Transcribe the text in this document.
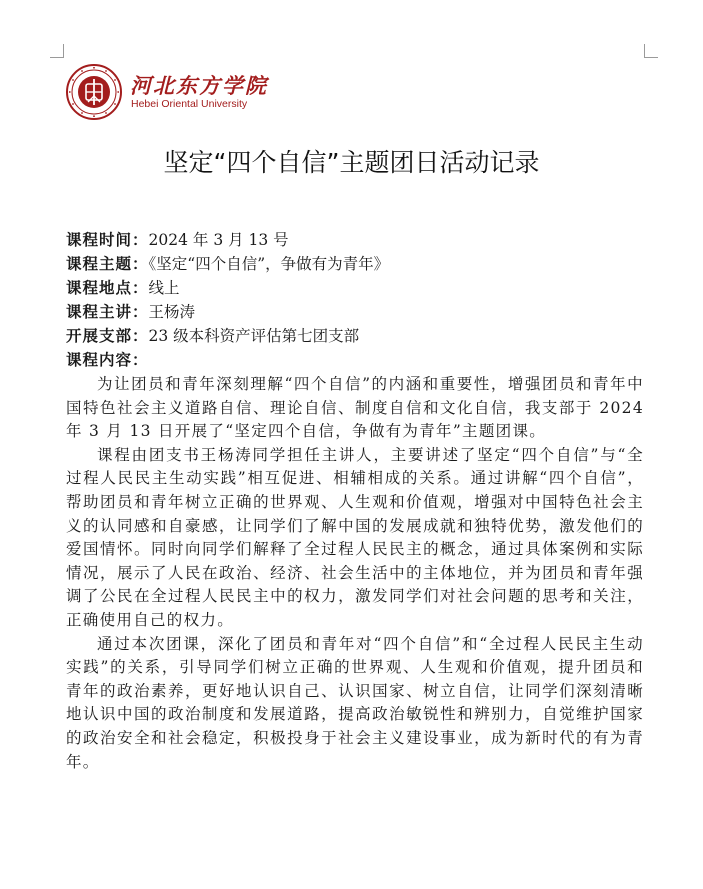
河北东方学院
Hebei Oriental University
坚定“四个自信”主题团日活动记录
课程时间：2024 年 3 月 13 号
课程主题：《坚定“四个自信”，争做有为青年》
课程地点：线上
课程主讲：王杨涛
开展支部：23 级本科资产评估第七团支部
课程内容：

为让团员和青年深刻理解“四个自信”的内涵和重要性，增强团员和青年中国特色社会主义道路自信、理论自信、制度自信和文化自信，我支部于 2024 年 3 月 13 日开展了“坚定四个自信，争做有为青年”主题团课。

课程由团支书王杨涛同学担任主讲人，主要讲述了坚定“四个自信”与“全过程人民民主生动实践”相互促进、相辅相成的关系。通过讲解“四个自信”，帮助团员和青年树立正确的世界观、人生观和价值观，增强对中国特色社会主义的认同感和自豪感，让同学们了解中国的发展成就和独特优势，激发他们的爱国情怀。同时向同学们解释了全过程人民民主的概念，通过具体案例和实际情况，展示了人民在政治、经济、社会生活中的主体地位，并为团员和青年强调了公民在全过程人民民主中的权力，激发同学们对社会问题的思考和关注，正确使用自己的权力。

通过本次团课，深化了团员和青年对“四个自信”和“全过程人民民主生动实践”的关系，引导同学们树立正确的世界观、人生观和价值观，提升团员和青年的政治素养，更好地认识自己、认识国家、树立自信，让同学们深刻清晰地认识中国的政治制度和发展道路，提高政治敏锐性和辨别力，自觉维护国家的政治安全和社会稳定，积极投身于社会主义建设事业，成为新时代的有为青年。
